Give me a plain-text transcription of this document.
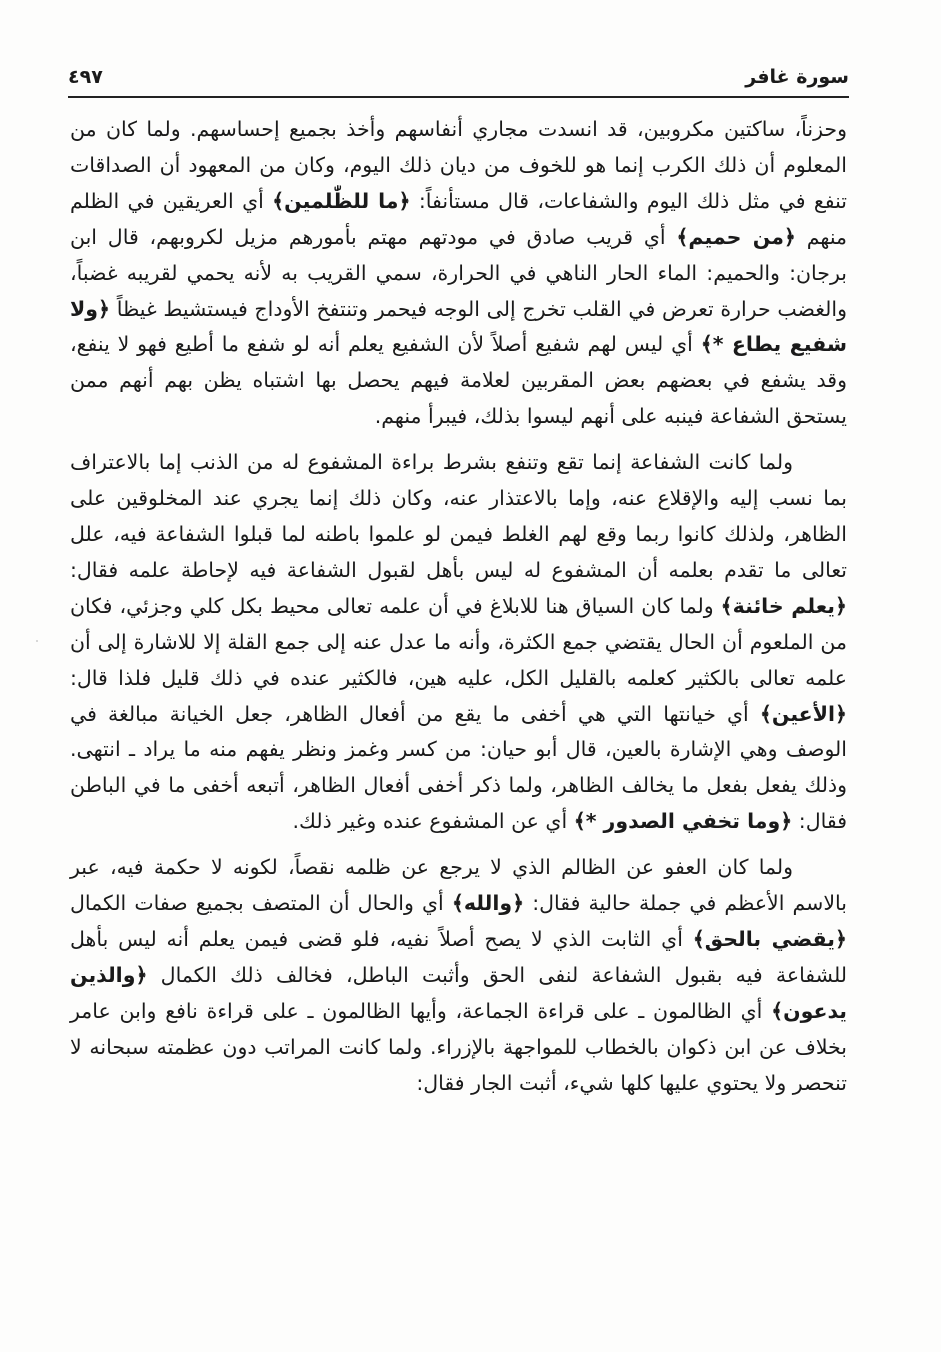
سورة غافر
٤٩٧

وحزناً، ساكتين مكروبين، قد انسدت مجاري أنفاسهم وأخذ بجميع إحساسهم. ولما كان من المعلوم أن ذلك الكرب إنما هو للخوف من ديان ذلك اليوم، وكان من المعهود أن الصداقات تنفع في مثل ذلك اليوم والشفاعات، قال مستأنفاً: ﴿ما للظّٰلمين﴾ أي العريقين في الظلم منهم ﴿من حميم﴾ أي قريب صادق في مودتهم مهتم بأمورهم مزيل لكروبهم، قال ابن برجان: والحميم: الماء الحار الناهي في الحرارة، سمي القريب به لأنه يحمي لقريبه غضباً، والغضب حرارة تعرض في القلب تخرج إلى الوجه فيحمر وتنتفخ الأوداج فيستشيط غيظاً ﴿ولا شفيع يطاع *﴾ أي ليس لهم شفيع أصلاً لأن الشفيع يعلم أنه لو شفع ما أطيع فهو لا ينفع، وقد يشفع في بعضهم بعض المقربين لعلامة فيهم يحصل بها اشتباه يظن بهم أنهم ممن يستحق الشفاعة فينبه على أنهم ليسوا بذلك، فيبرأ منهم.

ولما كانت الشفاعة إنما تقع وتنفع بشرط براءة المشفوع له من الذنب إما بالاعتراف بما نسب إليه والإقلاع عنه، وإما بالاعتذار عنه، وكان ذلك إنما يجري عند المخلوقين على الظاهر، ولذلك كانوا ربما وقع لهم الغلط فيمن لو علموا باطنه لما قبلوا الشفاعة فيه، علل تعالى ما تقدم بعلمه أن المشفوع له ليس بأهل لقبول الشفاعة فيه لإحاطة علمه فقال: ﴿يعلم خائنة﴾ ولما كان السياق هنا للابلاغ في أن علمه تعالى محيط بكل كلي وجزئي، فكان من الملعوم أن الحال يقتضي جمع الكثرة، وأنه ما عدل عنه إلى جمع القلة إلا للاشارة إلى أن علمه تعالى بالكثير كعلمه بالقليل الكل، عليه هين، فالكثير عنده في ذلك قليل فلذا قال: ﴿الأعين﴾ أي خيانتها التي هي أخفى ما يقع من أفعال الظاهر، جعل الخيانة مبالغة في الوصف وهي الإشارة بالعين، قال أبو حيان: من كسر وغمز ونظر يفهم منه ما يراد ـ انتهى. وذلك يفعل بفعل ما يخالف الظاهر، ولما ذكر أخفى أفعال الظاهر، أتبعه أخفى ما في الباطن فقال: ﴿وما تخفي الصدور *﴾ أي عن المشفوع عنده وغير ذلك.

ولما كان العفو عن الظالم الذي لا يرجع عن ظلمه نقصاً، لكونه لا حكمة فيه، عبر بالاسم الأعظم في جملة حالية فقال: ﴿والله﴾ أي والحال أن المتصف بجميع صفات الكمال ﴿يقضي بالحق﴾ أي الثابت الذي لا يصح أصلاً نفيه، فلو قضى فيمن يعلم أنه ليس بأهل للشفاعة فيه بقبول الشفاعة لنفى الحق وأثبت الباطل، فخالف ذلك الكمال ﴿والذين يدعون﴾ أي الظالمون ـ على قراءة الجماعة، وأيها الظالمون ـ على قراءة نافع وابن عامر بخلاف عن ابن ذكوان بالخطاب للمواجهة بالإزراء. ولما كانت المراتب دون عظمته سبحانه لا تنحصر ولا يحتوي عليها كلها شيء، أثبت الجار فقال:
